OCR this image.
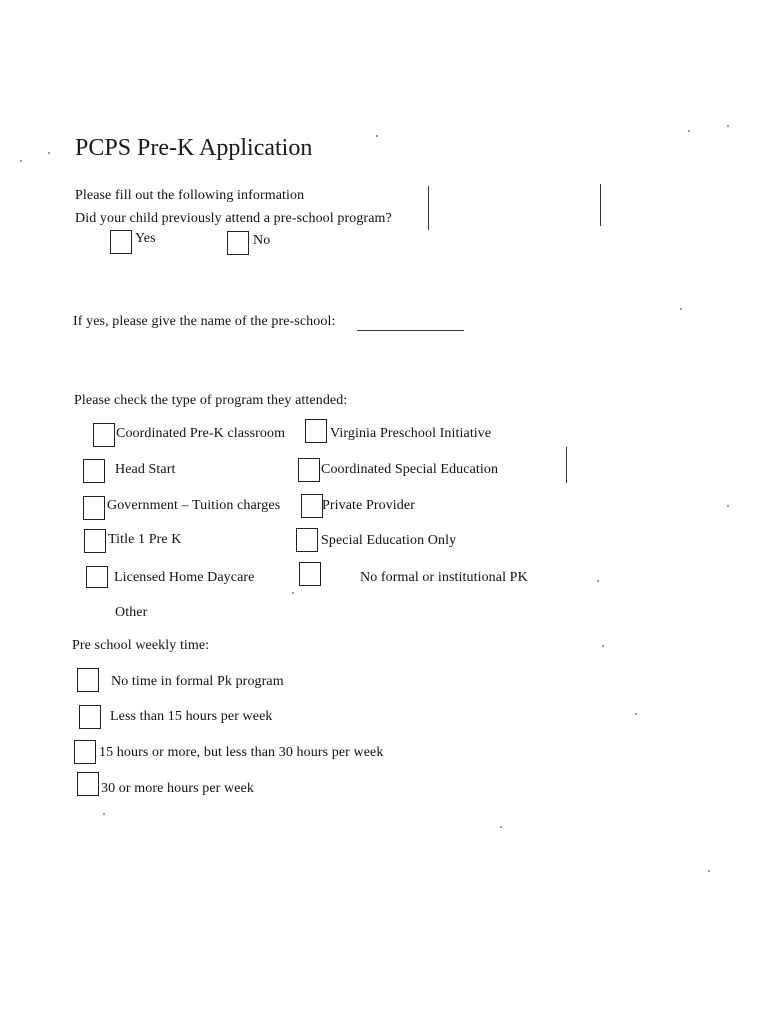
PCPS Pre-K Application
Please fill out the following information
Did your child previously attend a pre-school program?
Yes	No
If yes, please give the name of the pre-school:
Please check the type of program they attended:
Coordinated Pre-K classroom	Virginia Preschool Initiative
Head Start	Coordinated Special Education
Government – Tuition charges	Private Provider
Title 1 Pre K	Special Education Only
Licensed Home Daycare	No formal or institutional PK
Other
Pre school weekly time:
No time in formal Pk program
Less than 15 hours per week
15 hours or more, but less than 30 hours per week
30 or more hours per week
